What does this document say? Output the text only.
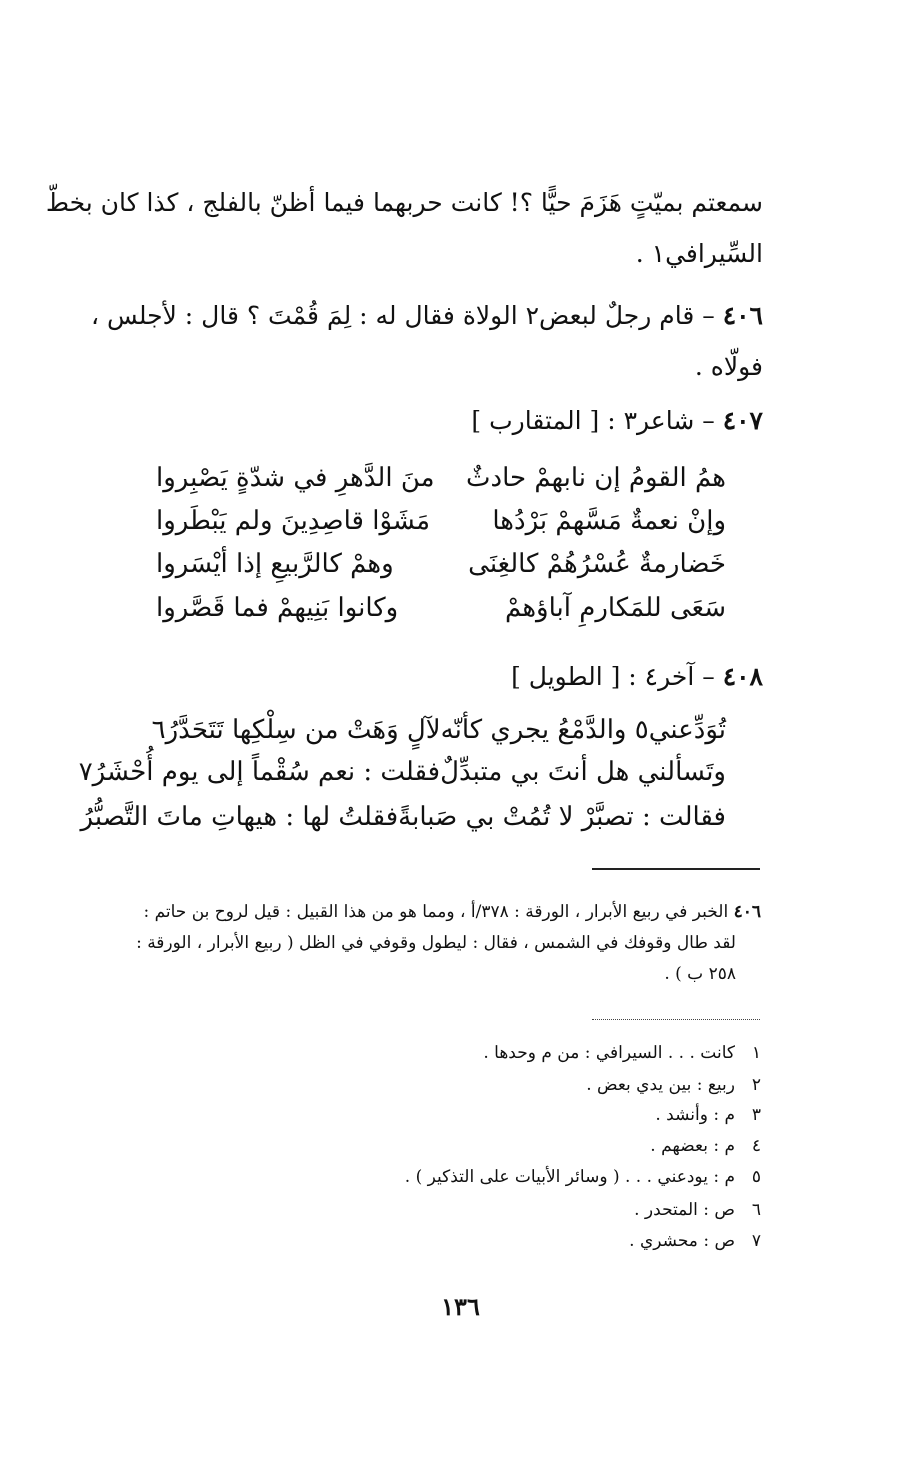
سمعتم بميّتٍ هَزَمَ حيًّا ؟! كانت حربهما فيما أظنّ بالفلج ، كذا كان بخطّ
السِّيرافي١ .
٤٠٦ – قام رجلٌ لبعض٢ الولاة فقال له : لِمَ قُمْتَ ؟ قال : لأجلس ،
فولّاه .
٤٠٧ – شاعر٣ : [ المتقارب ]
همُ القومُ إن نابهمْ حادثٌ
منَ الدَّهرِ في شدّةٍ يَصْبِروا
وإنْ نعمةٌ مَسَّهمْ بَرْدُها
مَشَوْا قاصِدِينَ ولم يَبْطَروا
خَضارمةٌ عُسْرُهُمْ كالغِنَى
وهمْ كالرَّبيعِ إذا أيْسَروا
سَعَى للمَكارمِ آباؤهمْ
وكانوا بَنِيهمْ فما قَصَّروا
٤٠٨ – آخر٤ : [ الطويل ]
تُوَدِّعني٥ والدَّمْعُ يجري كأنّه
لآلٍ وَهَتْ من سِلْكِها تَتَحَدَّرُ٦
وتَسألني هل أنتَ بي متبدِّلٌ
فقلت : نعم سُقْماً إلى يوم أُحْشَرُ٧
فقالت : تصبَّرْ لا تُمُتْ بي صَبابةً
فقلتُ لها : هيهاتِ ماتَ التَّصبُّرُ
٤٠٦ الخبر في ربيع الأبرار ، الورقة : ٣٧٨/أ ، ومما هو من هذا القبيل : قيل لروح بن حاتم :
لقد طال وقوفك في الشمس ، فقال : ليطول وقوفي في الظل ( ربيع الأبرار ، الورقة :
٢٥٨ ب ) .
١كانت . . . السيرافي : من م وحدها .
٢ربيع : بين يدي بعض .
٣م : وأنشد .
٤م : بعضهم .
٥م : يودعني . . . ( وسائر الأبيات على التذكير ) .
٦ص : المتحدر .
٧ص : محشري .
١٣٦
